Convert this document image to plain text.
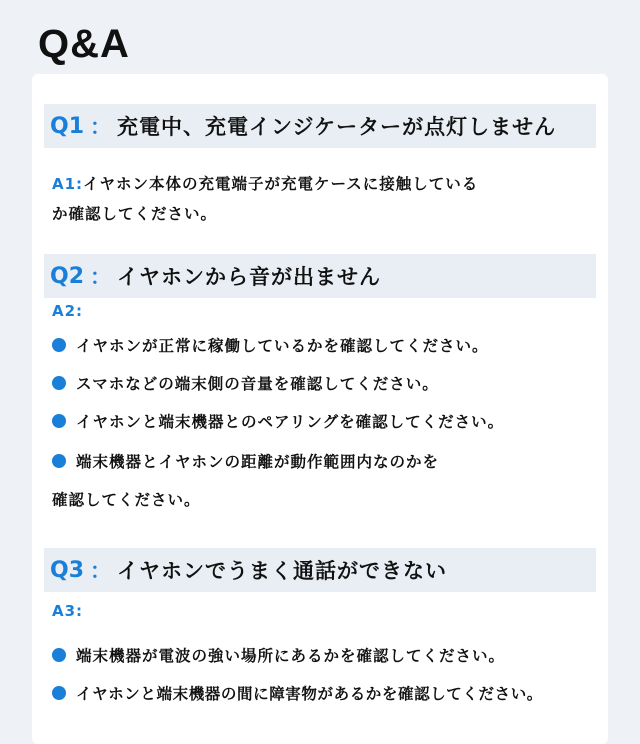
Q&A
Q1 ： 充電中、充電インジケーターが点灯しません
A1:イヤホン本体の充電端子が充電ケースに接触している
か確認してください。
Q2 ： イヤホンから音が出ません
A2:
イヤホンが正常に稼働しているかを確認してください。
スマホなどの端末側の音量を確認してください。
イヤホンと端末機器とのペアリングを確認してください。
端末機器とイヤホンの距離が動作範囲内なのかを
確認してください。
Q3 ： イヤホンでうまく通話ができない
A3:
端末機器が電波の強い場所にあるかを確認してください。
イヤホンと端末機器の間に障害物があるかを確認してください。
